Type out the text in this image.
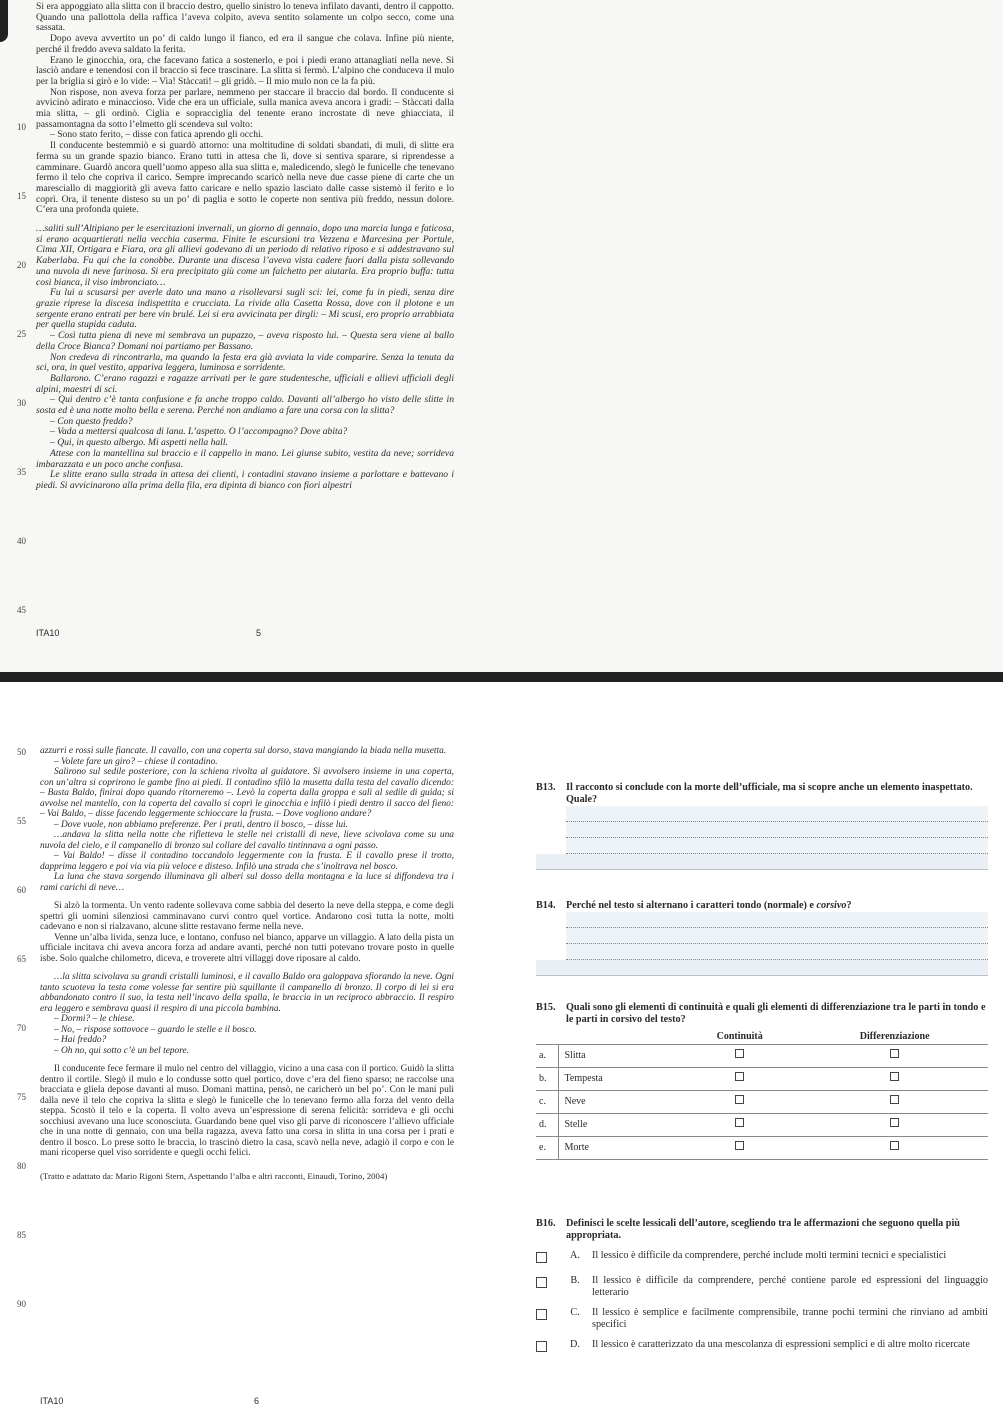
Si era appoggiato alla slitta con il braccio destro, quello sinistro lo teneva infilato davanti, dentro il cappotto. Quando una pallottola della raffica l’aveva colpito, aveva sentito solamente un colpo secco, come una sassata.

Dopo aveva avvertito un po’ di caldo lungo il fianco, ed era il sangue che colava. Infine più niente, perché il freddo aveva saldato la ferita.

Erano le ginocchia, ora, che facevano fatica a sostenerlo, e poi i piedi erano attanagliati nella neve. Si lasciò andare e tenendosi con il braccio si fece trascinare. La slitta si fermò. L’alpino che conduceva il mulo per la briglia si girò e lo vide: – Via! Stàccati! – gli gridò. – Il mio mulo non ce la fa più.

Non rispose, non aveva forza per parlare, nemmeno per staccare il braccio dal bordo. Il conducente si avvicinò adirato e minaccioso. Vide che era un ufficiale, sulla manica aveva ancora i gradi: – Stàccati dalla mia slitta, – gli ordinò. Ciglia e sopracciglia del tenente erano incrostate di neve ghiacciata, il passamontagna da sotto l’elmetto gli scendeva sul volto:

– Sono stato ferito, – disse con fatica aprendo gli occhi.

Il conducente bestemmiò e si guardò attorno: una moltitudine di soldati sbandati, di muli, di slitte era ferma su un grande spazio bianco. Erano tutti in attesa che lì, dove si sentiva sparare, si riprendesse a camminare. Guardò ancora quell’uomo appeso alla sua slitta e, maledicendo, slegò le funicelle che tenevano fermo il telo che copriva il carico. Sempre imprecando scaricò nella neve due casse piene di carte che un maresciallo di maggiorità gli aveva fatto caricare e nello spazio lasciato dalle casse sistemò il ferito e lo coprì. Ora, il tenente disteso su un po’ di paglia e sotto le coperte non sentiva più freddo, nessun dolore. C’era una profonda quiete.

…saliti sull’Altipiano per le esercitazioni invernali, un giorno di gennaio, dopo una marcia lunga e faticosa, si erano acquartierati nella vecchia caserma. Finite le escursioni tra Vezzena e Marcesina per Portule, Cima XII, Ortigara e Fiara, ora gli allievi godevano di un periodo di relativo riposo e si addestravano sul Kaberlaba. Fu qui che la conobbe. Durante una discesa l’aveva vista cadere fuori dalla pista sollevando una nuvola di neve farinosa. Si era precipitato giù come un falchetto per aiutarla. Era proprio buffa: tutta così bianca, il viso imbronciato…

Fu lui a scusarsi per averle dato una mano a risollevarsi sugli sci: lei, come fu in piedi, senza dire grazie riprese la discesa indispettita e crucciata. La rivide alla Casetta Rossa, dove con il plotone e un sergente erano entrati per bere vin brulé. Lei si era avvicinata per dirgli: – Mi scusi, ero proprio arrabbiata per quella stupida caduta.

– Così tutta piena di neve mi sembrava un pupazzo, – aveva risposto lui. – Questa sera viene al ballo della Croce Bianca? Domani noi partiamo per Bassano.

Non credeva di rincontrarla, ma quando la festa era già avviata la vide comparire. Senza la tenuta da sci, ora, in quel vestito, appariva leggera, luminosa e sorridente.

Ballarono. C’erano ragazzi e ragazze arrivati per le gare studentesche, ufficiali e allievi ufficiali degli alpini, maestri di sci.

– Qui dentro c’è tanta confusione e fa anche troppo caldo. Davanti all’albergo ho visto delle slitte in sosta ed è una notte molto bella e serena. Perché non andiamo a fare una corsa con la slitta?

– Con questo freddo?

– Vada a mettersi qualcosa di lana. L’aspetto. O l’accompagno? Dove abita?

– Qui, in questo albergo. Mi aspetti nella hall.

Attese con la mantellina sul braccio e il cappello in mano. Lei giunse subito, vestita da neve; sorrideva imbarazzata e un poco anche confusa.

Le slitte erano sulla strada in attesa dei clienti, i contadini stavano insieme a parlottare e battevano i piedi. Si avvicinarono alla prima della fila, era dipinta di bianco con fiori alpestri

10
15
20
25
30
35
40
45
ITA10	5

azzurri e rossi sulle fiancate. Il cavallo, con una coperta sul dorso, stava mangiando la biada nella musetta.

– Volete fare un giro? – chiese il contadino.

Salirono sul sedile posteriore, con la schiena rivolta al guidatore. Si avvolsero insieme in una coperta, con un’altra si coprirono le gambe fino ai piedi. Il contadino sfilò la musetta dalla testa del cavallo dicendo: – Basta Baldo, finirai dopo quando ritorneremo –. Levò la coperta dalla groppa e salì al sedile di guida; si avvolse nel mantello, con la coperta del cavallo si coprì le ginocchia e infilò i piedi dentro il sacco del fieno: – Vai Baldo, – disse facendo leggermente schioccare la frusta. – Dove vogliono andare?

– Dove vuole, non abbiamo preferenze. Per i prati, dentro il bosco, – disse lui.

…andava la slitta nella notte che rifletteva le stelle nei cristalli di neve, lieve scivolava come su una nuvola del cielo, e il campanello di bronzo sul collare del cavallo tintinnava a ogni passo.

– Vai Baldo! – disse il contadino toccandolo leggermente con la frusta. E il cavallo prese il trotto, dapprima leggero e poi via via più veloce e disteso. Infilò una strada che s’inoltrava nel bosco.

La luna che stava sorgendo illuminava gli alberi sul dosso della montagna e la luce si diffondeva tra i rami carichi di neve…

Si alzò la tormenta. Un vento radente sollevava come sabbia del deserto la neve della steppa, e come degli spettri gli uomini silenziosi camminavano curvi contro quel vortice. Andarono così tutta la notte, molti cadevano e non si rialzavano, alcune slitte restavano ferme nella neve.

Venne un’alba livida, senza luce, e lontano, confuso nel bianco, apparve un villaggio. A lato della pista un ufficiale incitava chi aveva ancora forza ad andare avanti, perché non tutti potevano trovare posto in quelle isbe. Solo qualche chilometro, diceva, e troverete altri villaggi dove riposare al caldo.

…la slitta scivolava su grandi cristalli luminosi, e il cavallo Baldo ora galoppava sfiorando la neve. Ogni tanto scuoteva la testa come volesse far sentire più squillante il campanello di bronzo. Il corpo di lei si era abbandonato contro il suo, la testa nell’incavo della spalla, le braccia in un reciproco abbraccio. Il respiro era leggero e sembrava quasi il respiro di una piccola bambina.

– Dormi? – le chiese.

– No, – rispose sottovoce – guardo le stelle e il bosco.

– Hai freddo?

– Oh no, qui sotto c’è un bel tepore.

Il conducente fece fermare il mulo nel centro del villaggio, vicino a una casa con il portico. Guidò la slitta dentro il cortile. Slegò il mulo e lo condusse sotto quel portico, dove c’era del fieno sparso; ne raccolse una bracciata e gliela depose davanti al muso. Domani mattina, pensò, ne caricherò un bel po’. Con le mani puli dalla neve il telo che copriva la slitta e slegò le funicelle che lo tenevano fermo alla forza del vento della steppa. Scostò il telo e la coperta. Il volto aveva un’espressione di serena felicità: sorrideva e gli occhi socchiusi avevano una luce sconosciuta. Guardando bene quel viso gli parve di riconoscere l’allievo ufficiale che in una notte di gennaio, con una bella ragazza, aveva fatto una corsa in slitta in una corsa per i prati e dentro il bosco. Lo prese sotto le braccia, lo trascinò dietro la casa, scavò nella neve, adagiò il corpo e con le mani ricoperse quel viso sorridente e quegli occhi felici.

(Tratto e adattato da: Mario Rigoni Stern, Aspettando l’alba e altri racconti, Einaudi, Torino, 2004)

50
55
60
65
70
75
80
85
90
B13.	Il racconto si conclude con la morte dell’ufficiale, ma si scopre anche un elemento inaspettato. Quale?
B14.	Perché nel testo si alternano i caratteri tondo (normale) e corsivo?
B15.	Quali sono gli elementi di continuità e quali gli elementi di differenziazione tra le parti in tondo e le parti in corsivo del testo?
		Continuità	Differenziazione
a.	Slitta		
b.	Tempesta		
c.	Neve		
d.	Stelle		
e.	Morte		
B16.	Definisci le scelte lessicali dell’autore, scegliendo tra le affermazioni che seguono quella più appropriata.
A.	Il lessico è difficile da comprendere, perché include molti termini tecnici e specialistici
B.	Il lessico è difficile da comprendere, perché contiene parole ed espressioni del linguaggio letterario
C.	Il lessico è semplice e facilmente comprensibile, tranne pochi termini che rinviano ad ambiti specifici
D.	Il lessico è caratterizzato da una mescolanza di espressioni semplici e di altre molto ricercate
ITA10	6
